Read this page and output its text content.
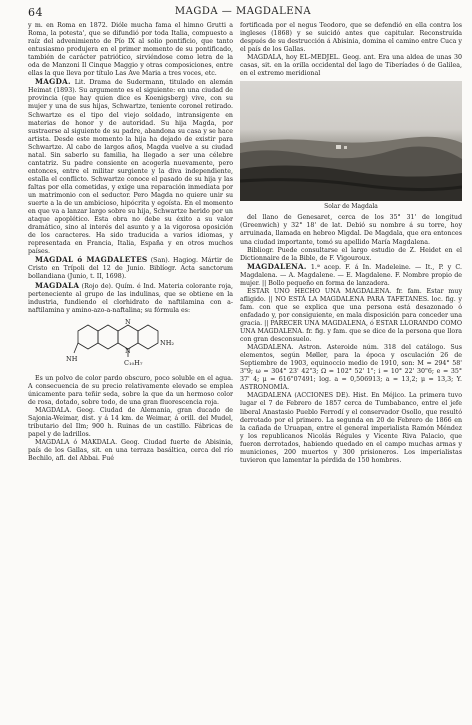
64	MAGDA — MAGDALENA

y m. en Roma en 1872. Dióle mucha fama el himno Grutti a Roma, la potesta', que se difundió por toda Italia, compuesto a raíz del advenimiento de Pío IX al solio pontificio, que tanto entusiasmo produjera en el primer momento de su pontificado, también de carácter patriótico, sirviéndose como letra de la oda de Manzoni Il Cinque Maggio y otras composiciones, entre ellas la que lleva por título Las Ave Maria a tres voces, etc.

MAGDA. Lit. Drama de Sudermann, titulado en alemán Heimat (1893). Su argumento es el siguiente: en una ciudad de provincia (que hay quien dice es Koenigsberg) vive, con su mujer y una de sus hijas, Schwartze, teniente coronel retirado. Schwartze es el tipo del viejo soldado, intransigente en materias de honor y de autoridad. Su hija Magda, por sustraerse al siguiente de su padre, abandona su casa y se hace artista. Desde este momento la hija ha dejado de existir para Schwartze. Al cabo de largos años, Magda vuelve a su ciudad natal. Sin saberlo su familia, ha llegado a ser una célebre cantatriz. Su padre consiente en acogerla nuevamente, pero entonces, entre el militar surgiente y la diva independiente, estalla el conflicto. Schwartze conoce el pasado de su hija y las faltas por ella cometidas, y exige una reparación inmediata por un matrimonio con el seductor. Pero Magda no quiere unir su suerte a la de un ambicioso, hipócrita y egoísta. En el momento en que va a lanzar largo sobre su hija, Schwartze herido por un ataque apoplético. Esta obra no debe su éxito a su valor dramático, sino al interés del asunto y a la vigorosa oposición de los caracteres. Ha sido traducida a varios idiomas, y representada en Francia, Italia, España y en otros muchos países.

MAGDAL ó MAGDALETES (San). Hagiog. Mártir de Cristo en Trípoli del 12 de Junio. Biblíogr. Acta sanctorum bollandiana (Junio, t. II, 1698).

MAGDALA (Rojo de). Quím. é Ind. Materia colorante roja, perteneciente al grupo de las indulinas, que se obtiene en la industria, fundiendo el clorhidrato de naftilamina con a-naftilamina y amino-azo-a-naftalina; su fórmula es:

N
N
NH₂
NH	C₁₀H₇

Es un polvo de color pardo obscuro, poco soluble en el agua. A consecuencia de su precio relativamente elevado se emplea únicamente para teñir seda, sobre la que da un hermoso color de rosa, dotado, sobre todo, de una gran fluorescencia roja.

MAGDALA. Geog. Ciudad de Alemania, gran ducado de Sajonia-Weimar, dist. y á 14 km. de Weimar, á orill. del Mudel, tributario del Ilm; 900 h. Ruinas de un castillo. Fábricas de papel y de ladrillos.

MAGDALA ó MAKDALA. Geog. Ciudad fuerte de Abisinia, país de los Gallas, sit. en una terraza basáltica, cerca del río Bechilo, afl. del Abbai. Fué

fortificada por el negus Teodoro, que se defendió en ella contra los ingleses (1868) y se suicidó antes que capitular. Reconstruída después de su destrucción á Abisinia, domina el camino entre Cuca y el país de los Gallas.

MAGDALA, hoy EL-MEDJEL. Geog. ant. Era una aldea de unas 30 casas, sit. en la orilla occidental del lago de Tiberíades ó de Galilea, en el extremo meridional

Solar de Magdala

del llano de Genesaret, cerca de los 35° 31' de longitud (Greenwich) y 32° 18' de lat. Debió su nombre á su torre, hoy arruinada, llamada en hebreo Migdal. De Magdala, que era entonces una ciudad importante, tomó su apellido María Magdalena.

Bibliogr. Puede consultarse el largo estudio de Z. Heidet en el Dictionnaire de la Bible, de F. Vigouroux.

MAGDALENA. 1.ª acep. F. á In. Madeleine. — It., P. y C. Magdalena. — A. Magdalene. — E. Magdalene. F. Nombre propio de mujer. || Bollo pequeño en forma de lanzadera.

ESTAR UNO HECHO UNA MAGDALENA. fr. fam. Estar muy afligido. || NO ESTÁ LA MAGDALENA PARA TAFETANES. loc. fig. y fam. con que se explica que una persona está desazonado ó enfadado y, por consiguiente, en mala disposición para conceder una gracia. || PARECER UNA MAGDALENA, ó ESTAR LLORANDO COMO UNA MAGDALENA. fr. fig. y fam. que se dice de la persona que llora con gran desconsuelo.

MAGDALENA. Astron. Asteroide núm. 318 del catálogo. Sus elementos, según Møller, para la época y osculación 26 de Septiembre de 1903, equinoccio medio de 1910, son: M = 294° 58' 3"9; ω = 304° 23' 42"3; Ω = 102° 52' 1"; i = 10° 22' 30"6; e = 35° 37' 4; μ = 616"07491; log. a = 0,506913; a = 13,2; μ = 13,3; Y. ASTRONOMÍA.

MAGDALENA (ACCIONES DE). Hist. En Méjico. La primera tuvo lugar el 7 de Febrero de 1857 cerca de Tumbabanco, entre el jefe liberal Anastasio Pueblo Ferrodí y el conservador Osollo, que resultó derrotado por el primero. La segunda en 20 de Febrero de 1866 en la cañada de Uruapan, entre el general imperialista Ramón Méndez y los republicanos Nicolás Régules y Vicente Riva Palacio, que fueron derrotados, habiendo quedado en el campo muchas armas y municiones, 200 muertos y 300 prisioneros. Los imperialistas tuvieron que lamentar la pérdida de 150 hombres.
